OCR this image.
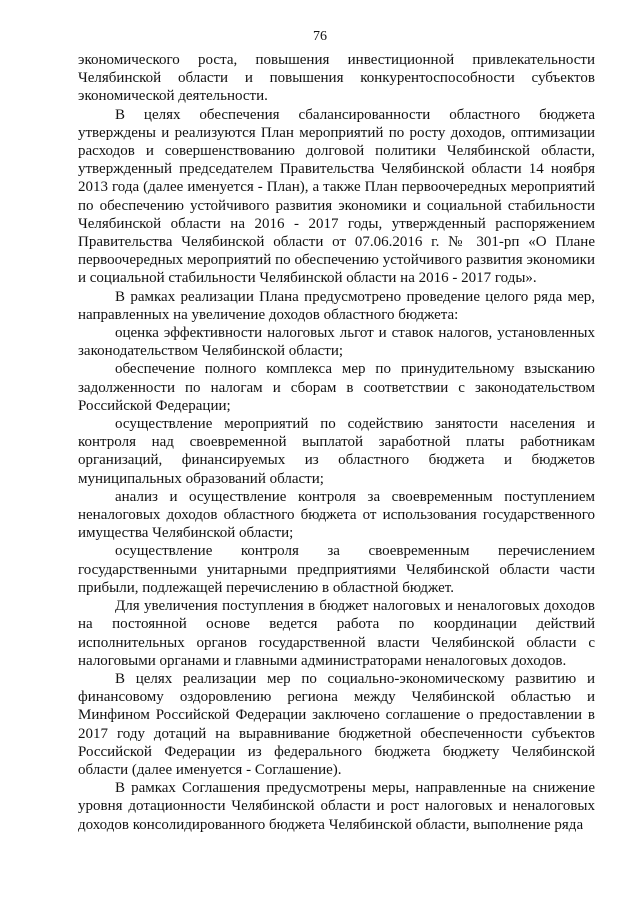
76

экономического роста, повышения инвестиционной привлекательности Челябинской области и повышения конкурентоспособности субъектов экономической деятельности.

В целях обеспечения сбалансированности областного бюджета утверждены и реализуются План мероприятий по росту доходов, оптимизации расходов и совершенствованию долговой политики Челябинской области, утвержденный председателем Правительства Челябинской области 14 ноября 2013 года (далее именуется - План), а также План первоочередных мероприятий по обеспечению устойчивого развития экономики и социальной стабильности Челябинской области на 2016 - 2017 годы, утвержденный распоряжением Правительства Челябинской области от 07.06.2016 г. № 301-рп «О Плане первоочередных мероприятий по обеспечению устойчивого развития экономики и социальной стабильности Челябинской области на 2016 - 2017 годы».

В рамках реализации Плана предусмотрено проведение целого ряда мер, направленных на увеличение доходов областного бюджета:

оценка эффективности налоговых льгот и ставок налогов, установленных законодательством Челябинской области;

обеспечение полного комплекса мер по принудительному взысканию задолженности по налогам и сборам в соответствии с законодательством Российской Федерации;

осуществление мероприятий по содействию занятости населения и контроля над своевременной выплатой заработной платы работникам организаций, финансируемых из областного бюджета и бюджетов муниципальных образований области;

анализ и осуществление контроля за своевременным поступлением неналоговых доходов областного бюджета от использования государственного имущества Челябинской области;

осуществление контроля за своевременным перечислением государственными унитарными предприятиями Челябинской области части прибыли, подлежащей перечислению в областной бюджет.

Для увеличения поступления в бюджет налоговых и неналоговых доходов на постоянной основе ведется работа по координации действий исполнительных органов государственной власти Челябинской области с налоговыми органами и главными администраторами неналоговых доходов.

В целях реализации мер по социально-экономическому развитию и финансовому оздоровлению региона между Челябинской областью и Минфином Российской Федерации заключено соглашение о предоставлении в 2017 году дотаций на выравнивание бюджетной обеспеченности субъектов Российской Федерации из федерального бюджета бюджету Челябинской области (далее именуется - Соглашение).

В рамках Соглашения предусмотрены меры, направленные на снижение уровня дотационности Челябинской области и рост налоговых и неналоговых доходов консолидированного бюджета Челябинской области, выполнение ряда
